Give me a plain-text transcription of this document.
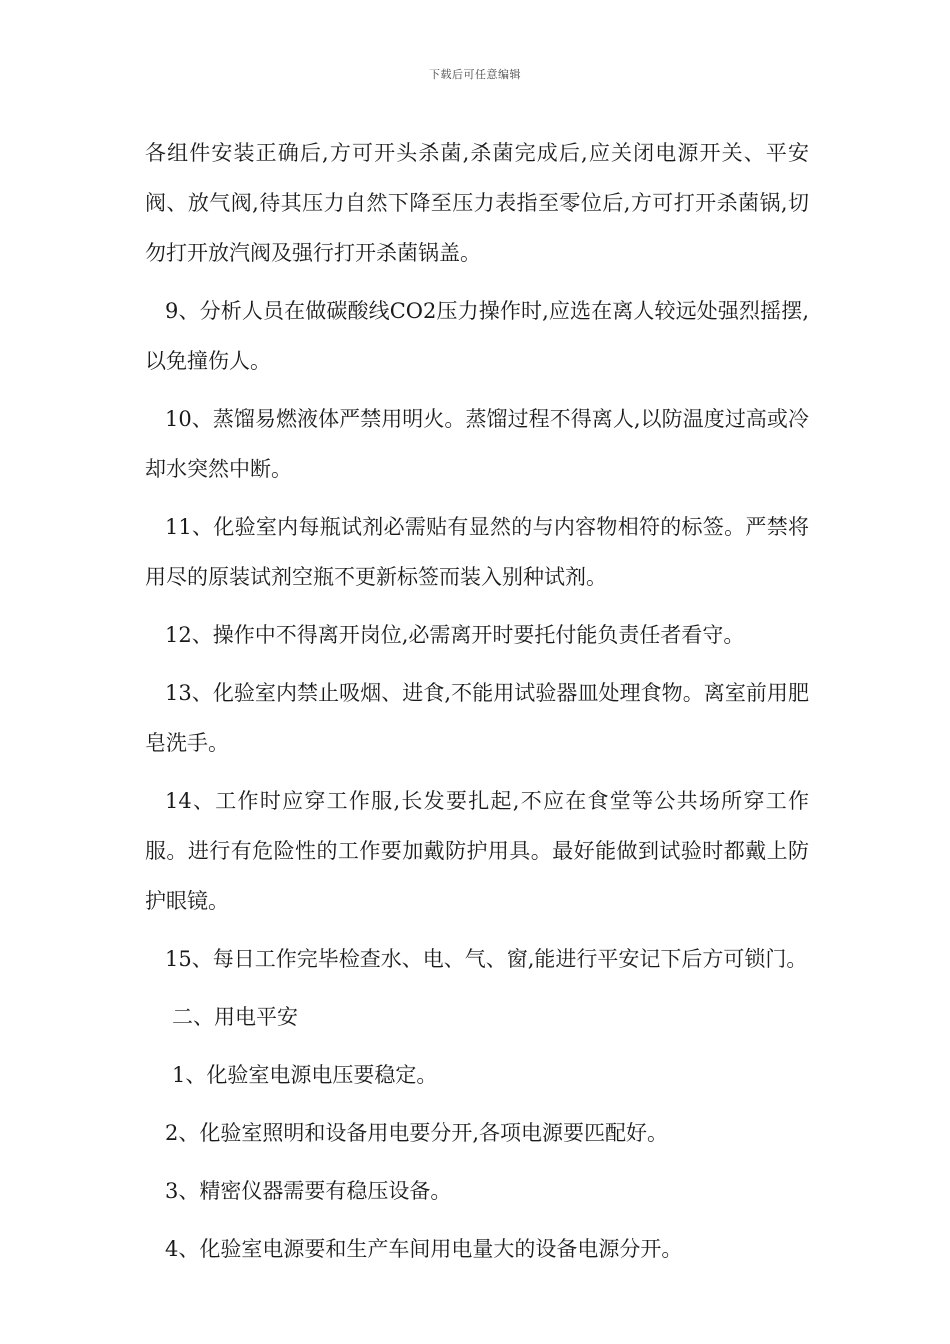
下载后可任意编辑

各组件安装正确后,方可开头杀菌,杀菌完成后,应关闭电源开关、平安阀、放气阀,待其压力自然下降至压力表指至零位后,方可打开杀菌锅,切勿打开放汽阀及强行打开杀菌锅盖。

9、分析人员在做碳酸线CO2压力操作时,应选在离人较远处强烈摇摆,以免撞伤人。

10、蒸馏易燃液体严禁用明火。蒸馏过程不得离人,以防温度过高或冷却水突然中断。

11、化验室内每瓶试剂必需贴有显然的与内容物相符的标签。严禁将用尽的原装试剂空瓶不更新标签而装入别种试剂。

12、操作中不得离开岗位,必需离开时要托付能负责任者看守。

13、化验室内禁止吸烟、进食,不能用试验器皿处理食物。离室前用肥皂洗手。

14、工作时应穿工作服,长发要扎起,不应在食堂等公共场所穿工作服。进行有危险性的工作要加戴防护用具。最好能做到试验时都戴上防护眼镜。

15、每日工作完毕检查水、电、气、窗,能进行平安记下后方可锁门。

二、用电平安

1、化验室电源电压要稳定。

2、化验室照明和设备用电要分开,各项电源要匹配好。

3、精密仪器需要有稳压设备。

4、化验室电源要和生产车间用电量大的设备电源分开。
